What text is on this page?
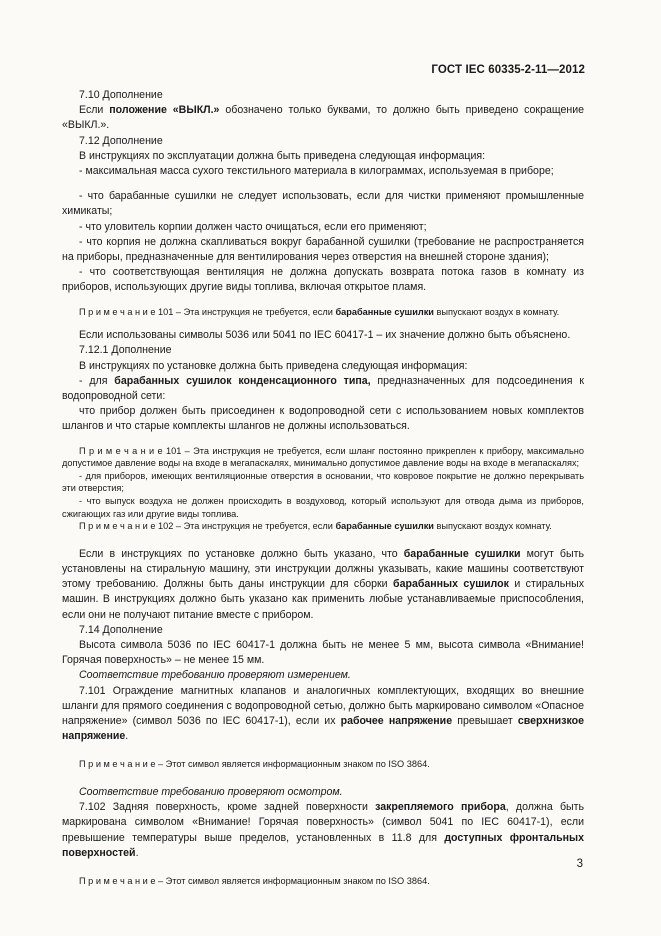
ГОСТ IEC 60335-2-11—2012

7.10 Дополнение

Если положение «ВЫКЛ.» обозначено только буквами, то должно быть приведено сокращение «ВЫКЛ.».

7.12 Дополнение

В инструкциях по эксплуатации должна быть приведена следующая информация:

- максимальная масса сухого текстильного материала в килограммах, используемая в приборе;

- что барабанные сушилки не следует использовать, если для чистки применяют промышленные химикаты;

- что уловитель корпии должен часто очищаться, если его применяют;

- что корпия не должна скапливаться вокруг барабанной сушилки (требование не распространяется на приборы, предназначенные для вентилирования через отверстия на внешней стороне здания);

- что соответствующая вентиляция не должна допускать возврата потока газов в комнату из приборов, использующих другие виды топлива, включая открытое пламя.

П р и м е ч а н и е 101 – Эта инструкция не требуется, если барабанные сушилки выпускают воздух в комнату.

Если использованы символы 5036 или 5041 по IEC 60417-1 – их значение должно быть объяснено.

7.12.1 Дополнение

В инструкциях по установке должна быть приведена следующая информация:

- для барабанных сушилок конденсационного типа, предназначенных для подсоединения к водопроводной сети:

что прибор должен быть присоединен к водопроводной сети с использованием новых комплектов шлангов и что старые комплекты шлангов не должны использоваться.

П р и м е ч а н и е 101 – Эта инструкция не требуется, если шланг постоянно прикреплен к прибору, максимально допустимое давление воды на входе в мегапаскалях, минимально допустимое давление воды на входе в мегапаскалях;

- для приборов, имеющих вентиляционные отверстия в основании, что ковровое покрытие не должно перекрывать эти отверстия;

- что выпуск воздуха не должен происходить в воздуховод, который используют для отвода дыма из приборов, сжигающих газ или другие виды топлива.

П р и м е ч а н и е 102 – Эта инструкция не требуется, если барабанные сушилки выпускают воздух комнату.

Если в инструкциях по установке должно быть указано, что барабанные сушилки могут быть установлены на стиральную машину, эти инструкции должны указывать, какие машины соответствуют этому требованию. Должны быть даны инструкции для сборки барабанных сушилок и стиральных машин. В инструкциях должно быть указано как применить любые устанавливаемые приспособления, если они не получают питание вместе с прибором.

7.14 Дополнение

Высота символа 5036 по IEC 60417-1 должна быть не менее 5 мм, высота символа «Внимание! Горячая поверхность» – не менее 15 мм.

Соответствие требованию проверяют измерением.

7.101 Ограждение магнитных клапанов и аналогичных комплектующих, входящих во внешние шланги для прямого соединения с водопроводной сетью, должно быть маркировано символом «Опасное напряжение» (символ 5036 по IEC 60417-1), если их рабочее напряжение превышает сверхнизкое напряжение.

П р и м е ч а н и е – Этот символ является информационным знаком по ISO 3864.

Соответствие требованию проверяют осмотром.

7.102 Задняя поверхность, кроме задней поверхности закрепляемого прибора, должна быть маркирована символом «Внимание! Горячая поверхность» (символ 5041 по IEC 60417-1), если превышение температуры выше пределов, установленных в 11.8 для доступных фронтальных поверхностей.

П р и м е ч а н и е – Этот символ является информационным знаком по ISO 3864.

3
